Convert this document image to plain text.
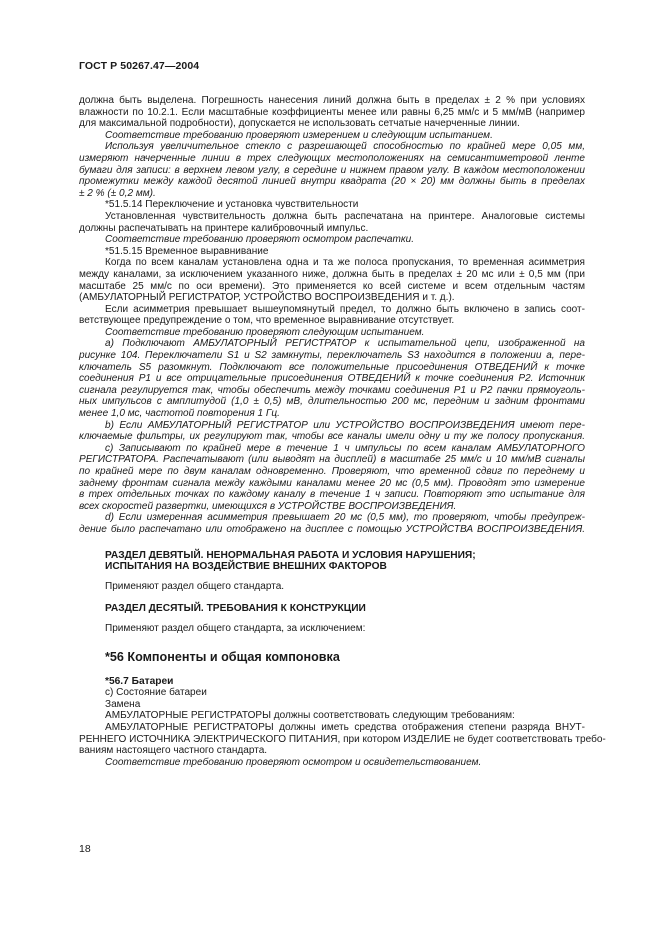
ГОСТ Р 50267.47—2004
должна быть выделена. Погрешность нанесения линий должна быть в пределах ± 2 % при условиях
влажности по 10.2.1. Если масштабные коэффициенты менее или равны 6,25 мм/с и 5 мм/мВ (например
для максимальной подробности), допускается не использовать сетчатые начерченные линии.
Соответствие требованию проверяют измерением и следующим испытанием.
Используя увеличительное стекло с разрешающей способностью по крайней мере 0,05 мм,
измеряют начерченные линии в трех следующих местоположениях на семисантиметровой ленте
бумаги для записи: в верхнем левом углу, в середине и нижнем правом углу. В каждом местоположении
промежутки между каждой десятой линией внутри квадрата (20 × 20) мм должны быть в пределах
± 2 % (± 0,2 мм).
*51.5.14 Переключение и установка чувствительности
Установленная чувствительность должна быть распечатана на принтере. Аналоговые системы
должны распечатывать на принтере калибровочный импульс.
Соответствие требованию проверяют осмотром распечатки.
*51.5.15 Временное выравнивание
Когда по всем каналам установлена одна и та же полоса пропускания, то временная асимметрия
между каналами, за исключением указанного ниже, должна быть в пределах ± 20 мс или ± 0,5 мм (при
масштабе 25 мм/с по оси времени). Это применяется ко всей системе и всем отдельным частям
(АМБУЛАТОРНЫЙ РЕГИСТРАТОР, УСТРОЙСТВО ВОСПРОИЗВЕДЕНИЯ и т. д.).
Если асимметрия превышает вышеупомянутый предел, то должно быть включено в запись соот-
ветствующее предупреждение о том, что временное выравнивание отсутствует.
Соответствие требованию проверяют следующим испытанием.
a) Подключают АМБУЛАТОРНЫЙ РЕГИСТРАТОР к испытательной цепи, изображенной на
рисунке 104. Переключатели S1 и S2 замкнуты, переключатель S3 находится в положении a, пере-
ключатель S5 разомкнут. Подключают все положительные присоединения ОТВЕДЕНИЙ к точке
соединения P1 и все отрицательные присоединения ОТВЕДЕНИЙ к точке соединения P2. Источник
сигнала регулируется так, чтобы обеспечить между точками соединения P1 и P2 пачки прямоуголь-
ных импульсов с амплитудой (1,0 ± 0,5) мВ, длительностью 200 мс, передним и задним фронтами
менее 1,0 мс, частотой повторения 1 Гц.
b) Если АМБУЛАТОРНЫЙ РЕГИСТРАТОР или УСТРОЙСТВО ВОСПРОИЗВЕДЕНИЯ имеют пере-
ключаемые фильтры, их регулируют так, чтобы все каналы имели одну и ту же полосу пропускания.
c) Записывают по крайней мере в течение 1 ч импульсы по всем каналам АМБУЛАТОРНОГО
РЕГИСТРАТОРА. Распечатывают (или выводят на дисплей) в масштабе 25 мм/с и 10 мм/мВ сигналы
по крайней мере по двум каналам одновременно. Проверяют, что временной сдвиг по переднему и
заднему фронтам сигнала между каждыми каналами менее 20 мс (0,5 мм). Проводят это измерение
в трех отдельных точках по каждому каналу в течение 1 ч записи. Повторяют это испытание для
всех скоростей развертки, имеющихся в УСТРОЙСТВЕ ВОСПРОИЗВЕДЕНИЯ.
d) Если измеренная асимметрия превышает 20 мс (0,5 мм), то проверяют, чтобы предупреж-
дение было распечатано или отображено на дисплее с помощью УСТРОЙСТВА ВОСПРОИЗВЕДЕНИЯ.
РАЗДЕЛ ДЕВЯТЫЙ. НЕНОРМАЛЬНАЯ РАБОТА И УСЛОВИЯ НАРУШЕНИЯ;
ИСПЫТАНИЯ НА ВОЗДЕЙСТВИЕ ВНЕШНИХ ФАКТОРОВ
Применяют раздел общего стандарта.
РАЗДЕЛ ДЕСЯТЫЙ. ТРЕБОВАНИЯ К КОНСТРУКЦИИ
Применяют раздел общего стандарта, за исключением:
*56 Компоненты и общая компоновка
*56.7 Батареи
с) Состояние батареи
Замена
АМБУЛАТОРНЫЕ РЕГИСТРАТОРЫ должны соответствовать следующим требованиям:
АМБУЛАТОРНЫЕ РЕГИСТРАТОРЫ должны иметь средства отображения степени разряда ВНУТ-
РЕННЕГО ИСТОЧНИКА ЭЛЕКТРИЧЕСКОГО ПИТАНИЯ, при котором ИЗДЕЛИЕ не будет соответствовать требо-
ваниям настоящего частного стандарта.
Соответствие требованию проверяют осмотром и освидетельствованием.
18
